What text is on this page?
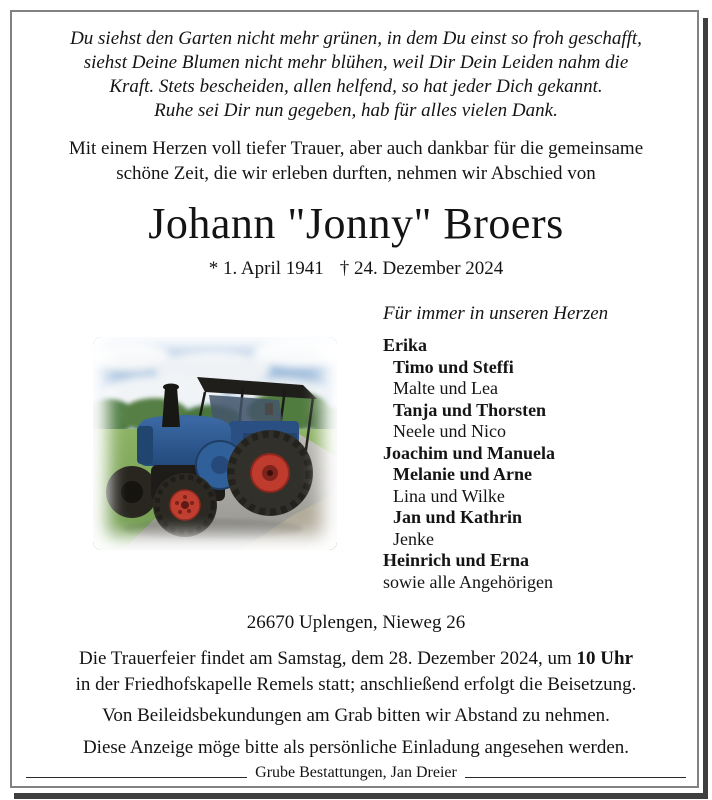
Du siehst den Garten nicht mehr grünen, in dem Du einst so froh geschafft,
siehst Deine Blumen nicht mehr blühen, weil Dir Dein Leiden nahm die
Kraft. Stets bescheiden, allen helfend, so hat jeder Dich gekannt.
Ruhe sei Dir nun gegeben, hab für alles vielen Dank.
Mit einem Herzen voll tiefer Trauer, aber auch dankbar für die gemeinsame
schöne Zeit, die wir erleben durften, nehmen wir Abschied von
Johann "Jonny" Broers
* 1. April 1941 † 24. Dezember 2024
Für immer in unseren Herzen
Erika
Timo und Steffi
Malte und Lea
Tanja und Thorsten
Neele und Nico
Joachim und Manuela
Melanie und Arne
Lina und Wilke
Jan und Kathrin
Jenke
Heinrich und Erna
sowie alle Angehörigen
26670 Uplengen, Nieweg 26
Die Trauerfeier findet am Samstag, dem 28. Dezember 2024, um 10 Uhr
in der Friedhofskapelle Remels statt; anschließend erfolgt die Beisetzung.
Von Beileidsbekundungen am Grab bitten wir Abstand zu nehmen.
Diese Anzeige möge bitte als persönliche Einladung angesehen werden.
Grube Bestattungen, Jan Dreier
